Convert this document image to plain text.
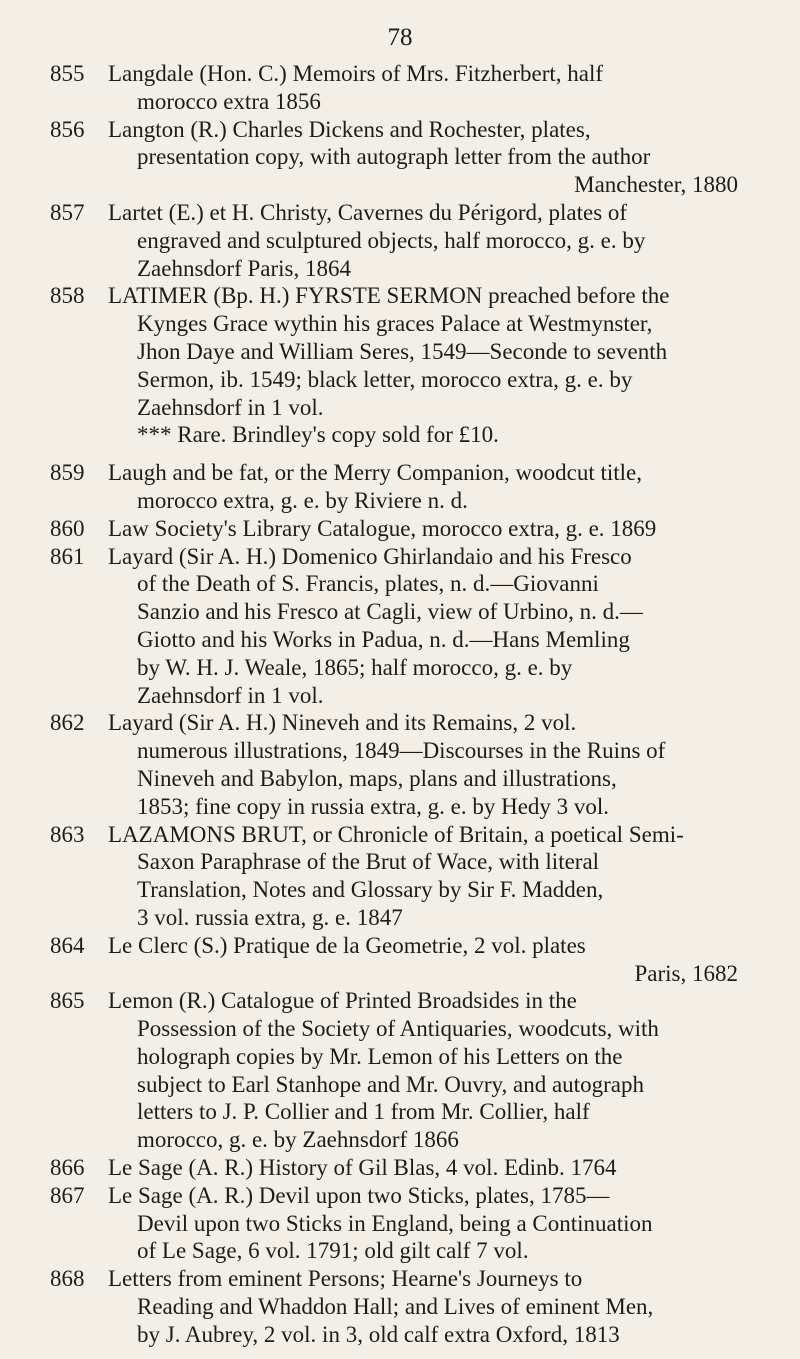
78
855	Langdale (Hon. C.) Memoirs of Mrs. Fitzherbert, half
morocco extra 1856
856	Langton (R.) Charles Dickens and Rochester, plates,
presentation copy, with autograph letter from the author
Manchester, 1880
857	Lartet (E.) et H. Christy, Cavernes du Périgord, plates of
engraved and sculptured objects, half morocco, g. e. by
Zaehnsdorf Paris, 1864
858	LATIMER (Bp. H.) FYRSTE SERMON preached before the
Kynges Grace wythin his graces Palace at Westmynster,
Jhon Daye and William Seres, 1549—Seconde to seventh
Sermon, ib. 1549; black letter, morocco extra, g. e. by
Zaehnsdorf in 1 vol.
*** Rare. Brindley's copy sold for £10.
859	Laugh and be fat, or the Merry Companion, woodcut title,
morocco extra, g. e. by Riviere n. d.
860	Law Society's Library Catalogue, morocco extra, g. e. 1869
861	Layard (Sir A. H.) Domenico Ghirlandaio and his Fresco
of the Death of S. Francis, plates, n. d.—Giovanni
Sanzio and his Fresco at Cagli, view of Urbino, n. d.—
Giotto and his Works in Padua, n. d.—Hans Memling
by W. H. J. Weale, 1865; half morocco, g. e. by
Zaehnsdorf in 1 vol.
862	Layard (Sir A. H.) Nineveh and its Remains, 2 vol.
numerous illustrations, 1849—Discourses in the Ruins of
Nineveh and Babylon, maps, plans and illustrations,
1853; fine copy in russia extra, g. e. by Hedy 3 vol.
863	LAZAMONS BRUT, or Chronicle of Britain, a poetical Semi-
Saxon Paraphrase of the Brut of Wace, with literal
Translation, Notes and Glossary by Sir F. Madden,
3 vol. russia extra, g. e. 1847
864	Le Clerc (S.) Pratique de la Geometrie, 2 vol. plates
Paris, 1682
865	Lemon (R.) Catalogue of Printed Broadsides in the
Possession of the Society of Antiquaries, woodcuts, with
holograph copies by Mr. Lemon of his Letters on the
subject to Earl Stanhope and Mr. Ouvry, and autograph
letters to J. P. Collier and 1 from Mr. Collier, half
morocco, g. e. by Zaehnsdorf 1866
866	Le Sage (A. R.) History of Gil Blas, 4 vol. Edinb. 1764
867	Le Sage (A. R.) Devil upon two Sticks, plates, 1785—
Devil upon two Sticks in England, being a Continuation
of Le Sage, 6 vol. 1791; old gilt calf 7 vol.
868	Letters from eminent Persons; Hearne's Journeys to
Reading and Whaddon Hall; and Lives of eminent Men,
by J. Aubrey, 2 vol. in 3, old calf extra Oxford, 1813
